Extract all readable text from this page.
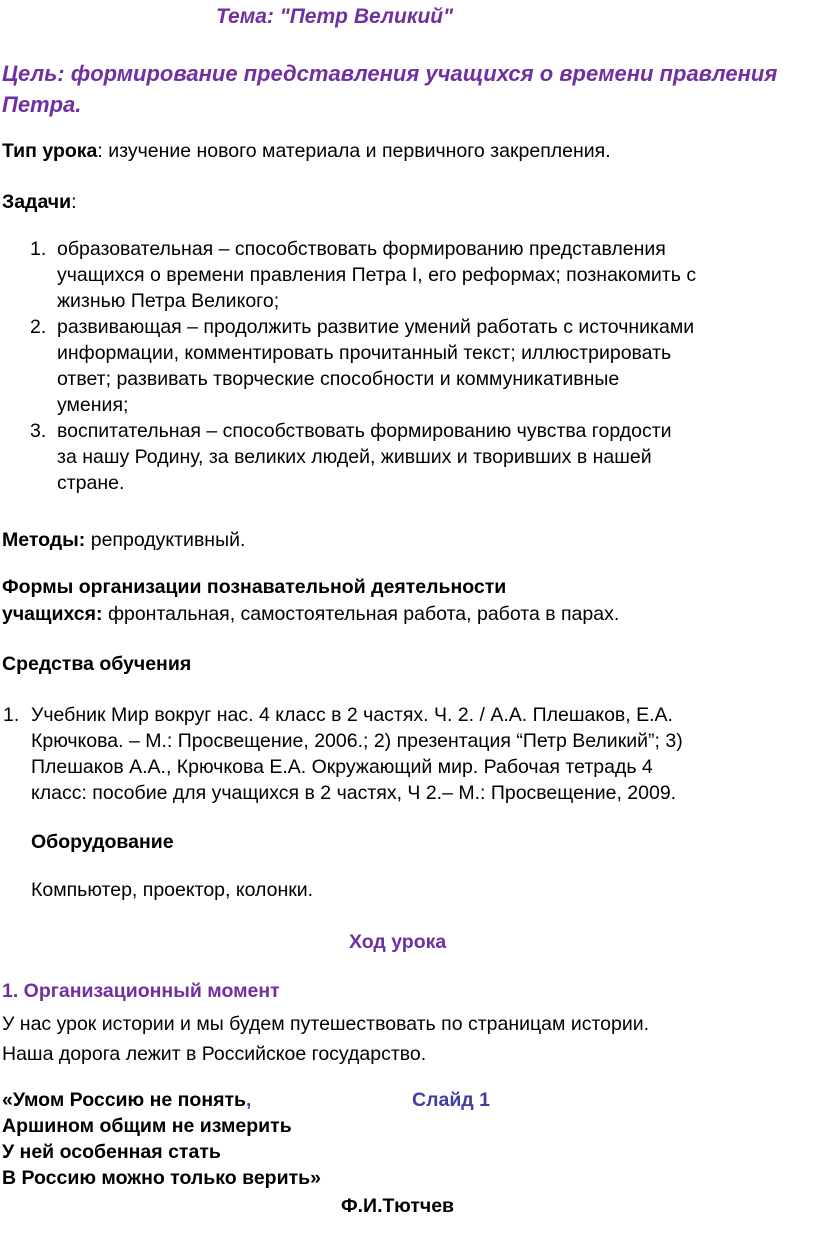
Тема: "Петр Великий"
Цель: формирование представления учащихся о времени правления Петра.
Тип урока: изучение нового материала и первичного закрепления.
Задачи:
1. образовательная – способствовать формированию представления
учащихся о времени правления Петра I, его реформах; познакомить с
жизнью Петра Великого;
2. развивающая – продолжить развитие умений работать с источниками
информации, комментировать прочитанный текст; иллюстрировать
ответ; развивать творческие способности и коммуникативные
умения;
3. воспитательная – способствовать формированию чувства гордости
за нашу Родину, за великих людей, живших и творивших в нашей
стране.
Методы: репродуктивный.
Формы организации познавательной деятельности
учащихся: фронтальная, самостоятельная работа, работа в парах.
Средства обучения
1. Учебник Мир вокруг нас. 4 класс в 2 частях. Ч. 2. / А.А. Плешаков, Е.А.
Крючкова. – М.: Просвещение, 2006.; 2) презентация “Петр Великий”; 3)
Плешаков А.А., Крючкова Е.А. Окружающий мир. Рабочая тетрадь 4
класс: пособие для учащихся в 2 частях, Ч 2.– М.: Просвещение, 2009.
Оборудование
Компьютер, проектор, колонки.
Ход урока
1. Организационный момент
У нас урок истории и мы будем путешествовать по страницам истории.
Наша дорога лежит в Российское государство.
«Умом Россию не понять,	Слайд 1
Аршином общим не измерить
У ней особенная стать
В Россию можно только верить»
Ф.И.Тютчев
